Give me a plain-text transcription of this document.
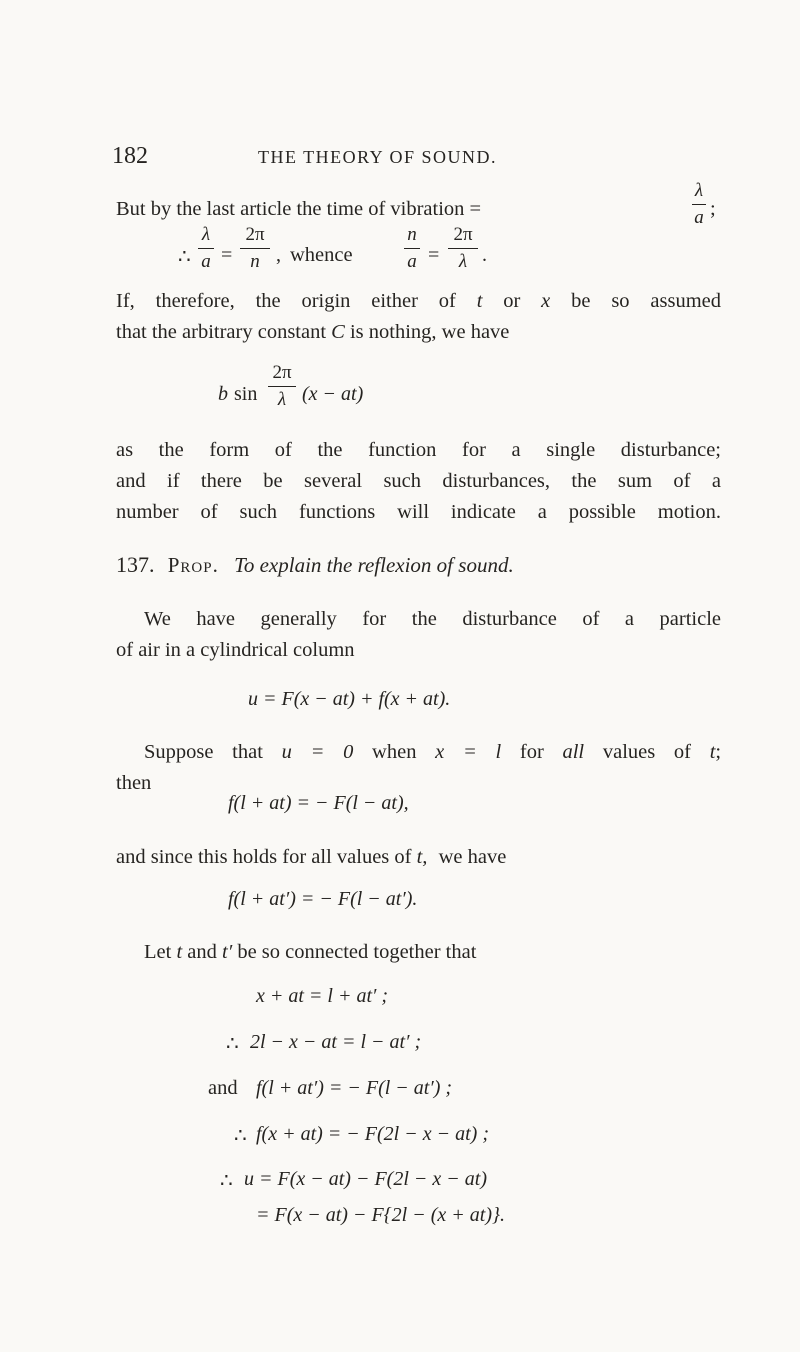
182	THE THEORY OF SOUND.
But by the last article the time of vibration =
λ
a ;
∴
λ
a =
2π
n , whence
n
a =
2π
λ .
If, therefore, the origin either of t or x be so assumed
that the arbitrary constant C is nothing, we have
b sin
2π
λ (x − at)
as the form of the function for a single disturbance;
and if there be several such disturbances, the sum of a
number of such functions will indicate a possible motion.
137. Prop. To explain the reflexion of sound.
We have generally for the disturbance of a particle
of air in a cylindrical column
u = F(x − at) + f(x + at).
Suppose that u = 0 when x = l for all values of t;
then
f(l + at) = − F(l − at),
and since this holds for all values of t, we have
f(l + at′) = − F(l − at′).
Let t and t′ be so connected together that
x + at = l + at′ ;
∴ 2l − x − at = l − at′ ;
and f(l + at′) = − F(l − at′) ;
∴ f(x + at) = − F(2l − x − at) ;
∴ u = F(x − at) − F(2l − x − at)
= F(x − at) − F{2l − (x + at)}.
